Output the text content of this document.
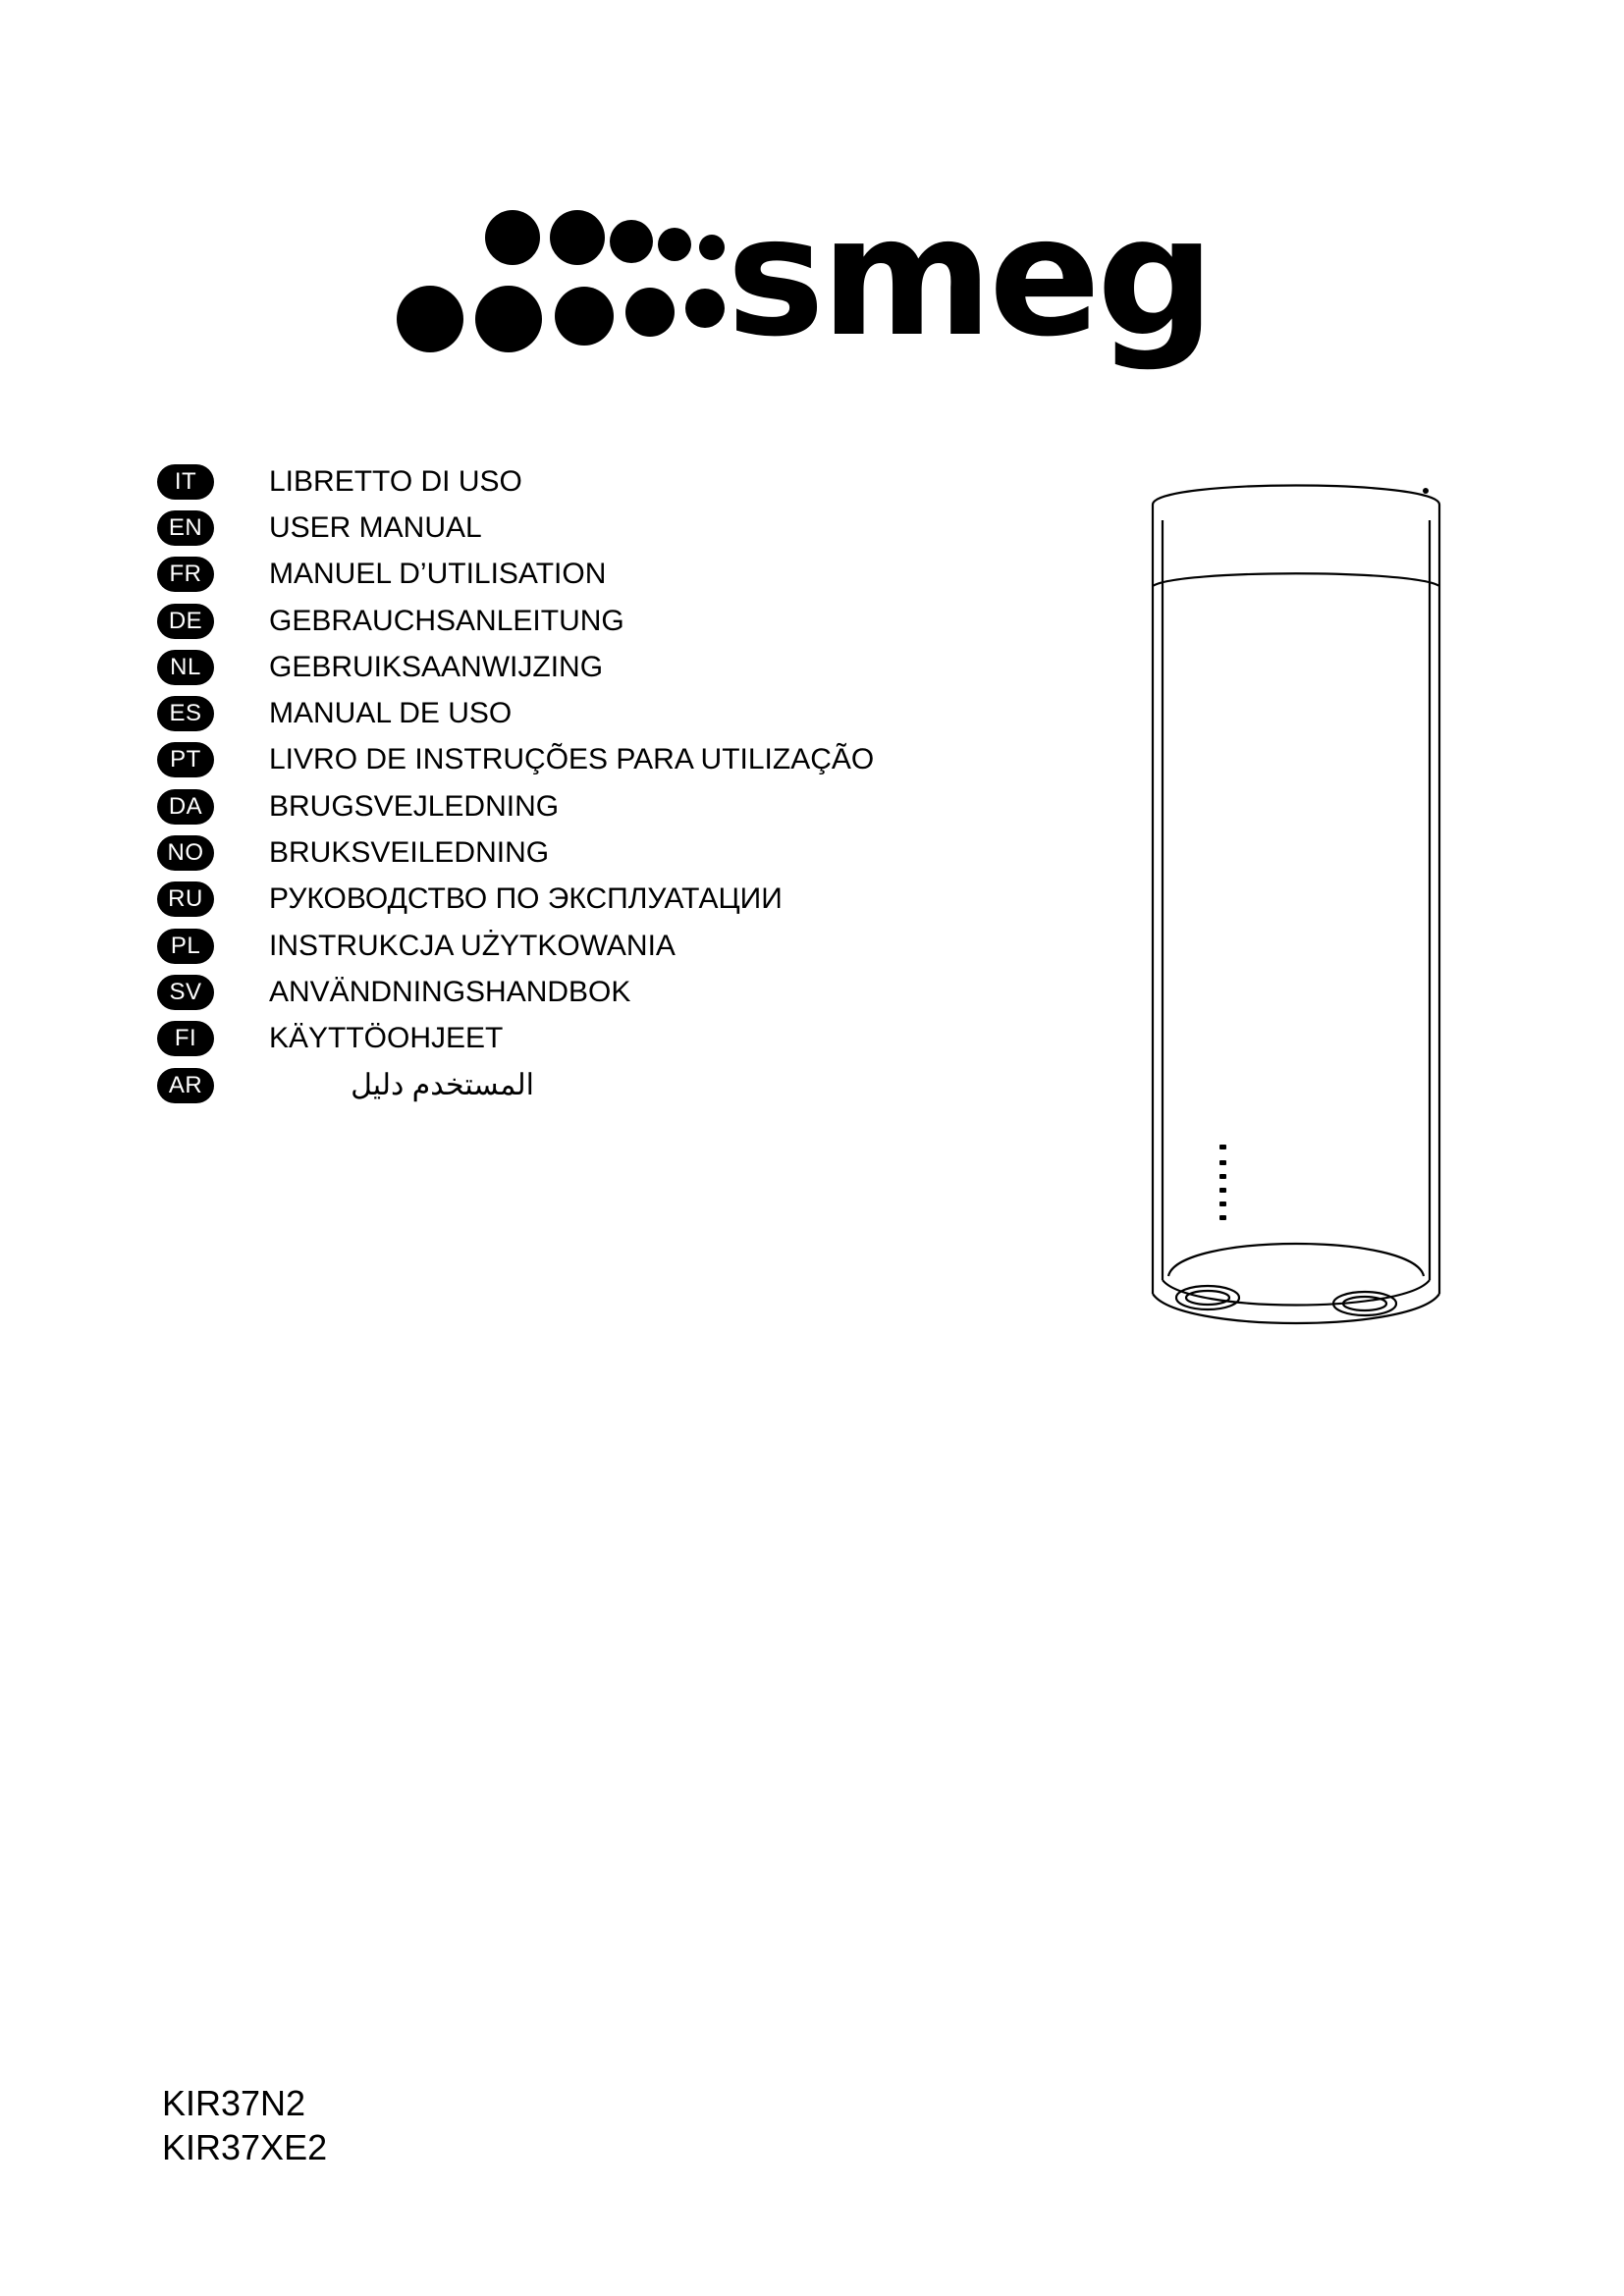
smeg
IT	LIBRETTO DI USO
EN	USER MANUAL
FR	MANUEL D’UTILISATION
DE	GEBRAUCHSANLEITUNG
NL	GEBRUIKSAANWIJZING
ES	MANUAL DE USO
PT	LIVRO DE INSTRUÇÕES PARA UTILIZAÇÃO
DA	BRUGSVEJLEDNING
NO	BRUKSVEILEDNING
RU	РУКОВОДСТВО ПО ЭКСПЛУАТАЦИИ
PL	INSTRUKCJA UŻYTKOWANIA
SV	ANVÄNDNINGSHANDBOK
FI	KÄYTTÖOHJEET
AR	المستخدم دليل
KIR37N2
KIR37XE2
